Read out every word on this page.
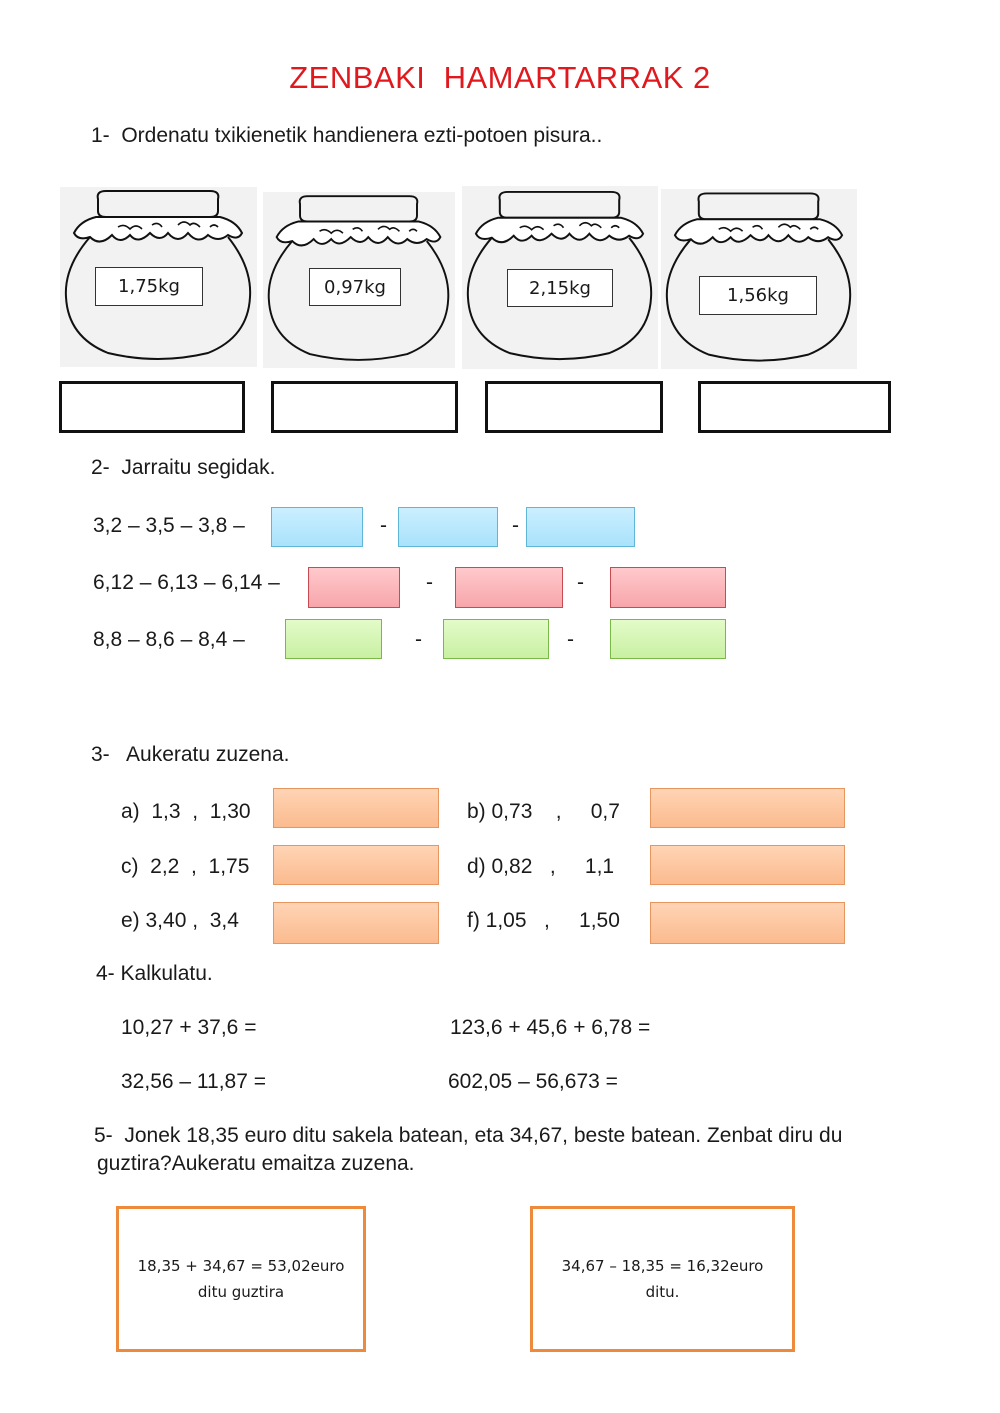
ZENBAKI  HAMARTARRAK 2
1-  Ordenatu txikienetik handienera ezti-potoen pisura..
1,75kg	0,97kg	2,15kg	1,56kg
2-  Jarraitu segidak.
3,2 – 3,5 – 3,8 –	-	-
6,12 – 6,13 – 6,14 –	-	-
8,8 – 8,6 – 8,4 –	-	-
3-   Aukeratu zuzena.
a)  1,3  ,  1,30	b) 0,73    ,     0,7
c)  2,2  ,  1,75	d) 0,82   ,     1,1
e) 3,40 ,  3,4	f) 1,05   ,     1,50
4- Kalkulatu.
10,27 + 37,6 =	123,6 + 45,6 + 6,78 =
32,56 – 11,87 =	602,05 – 56,673 =
5-  Jonek 18,35 euro ditu sakela batean, eta 34,67, beste batean. Zenbat diru du
guztira?Aukeratu emaitza zuzena.
18,35 + 34,67 = 53,02euro
ditu guztira
34,67 – 18,35 = 16,32euro
ditu.
